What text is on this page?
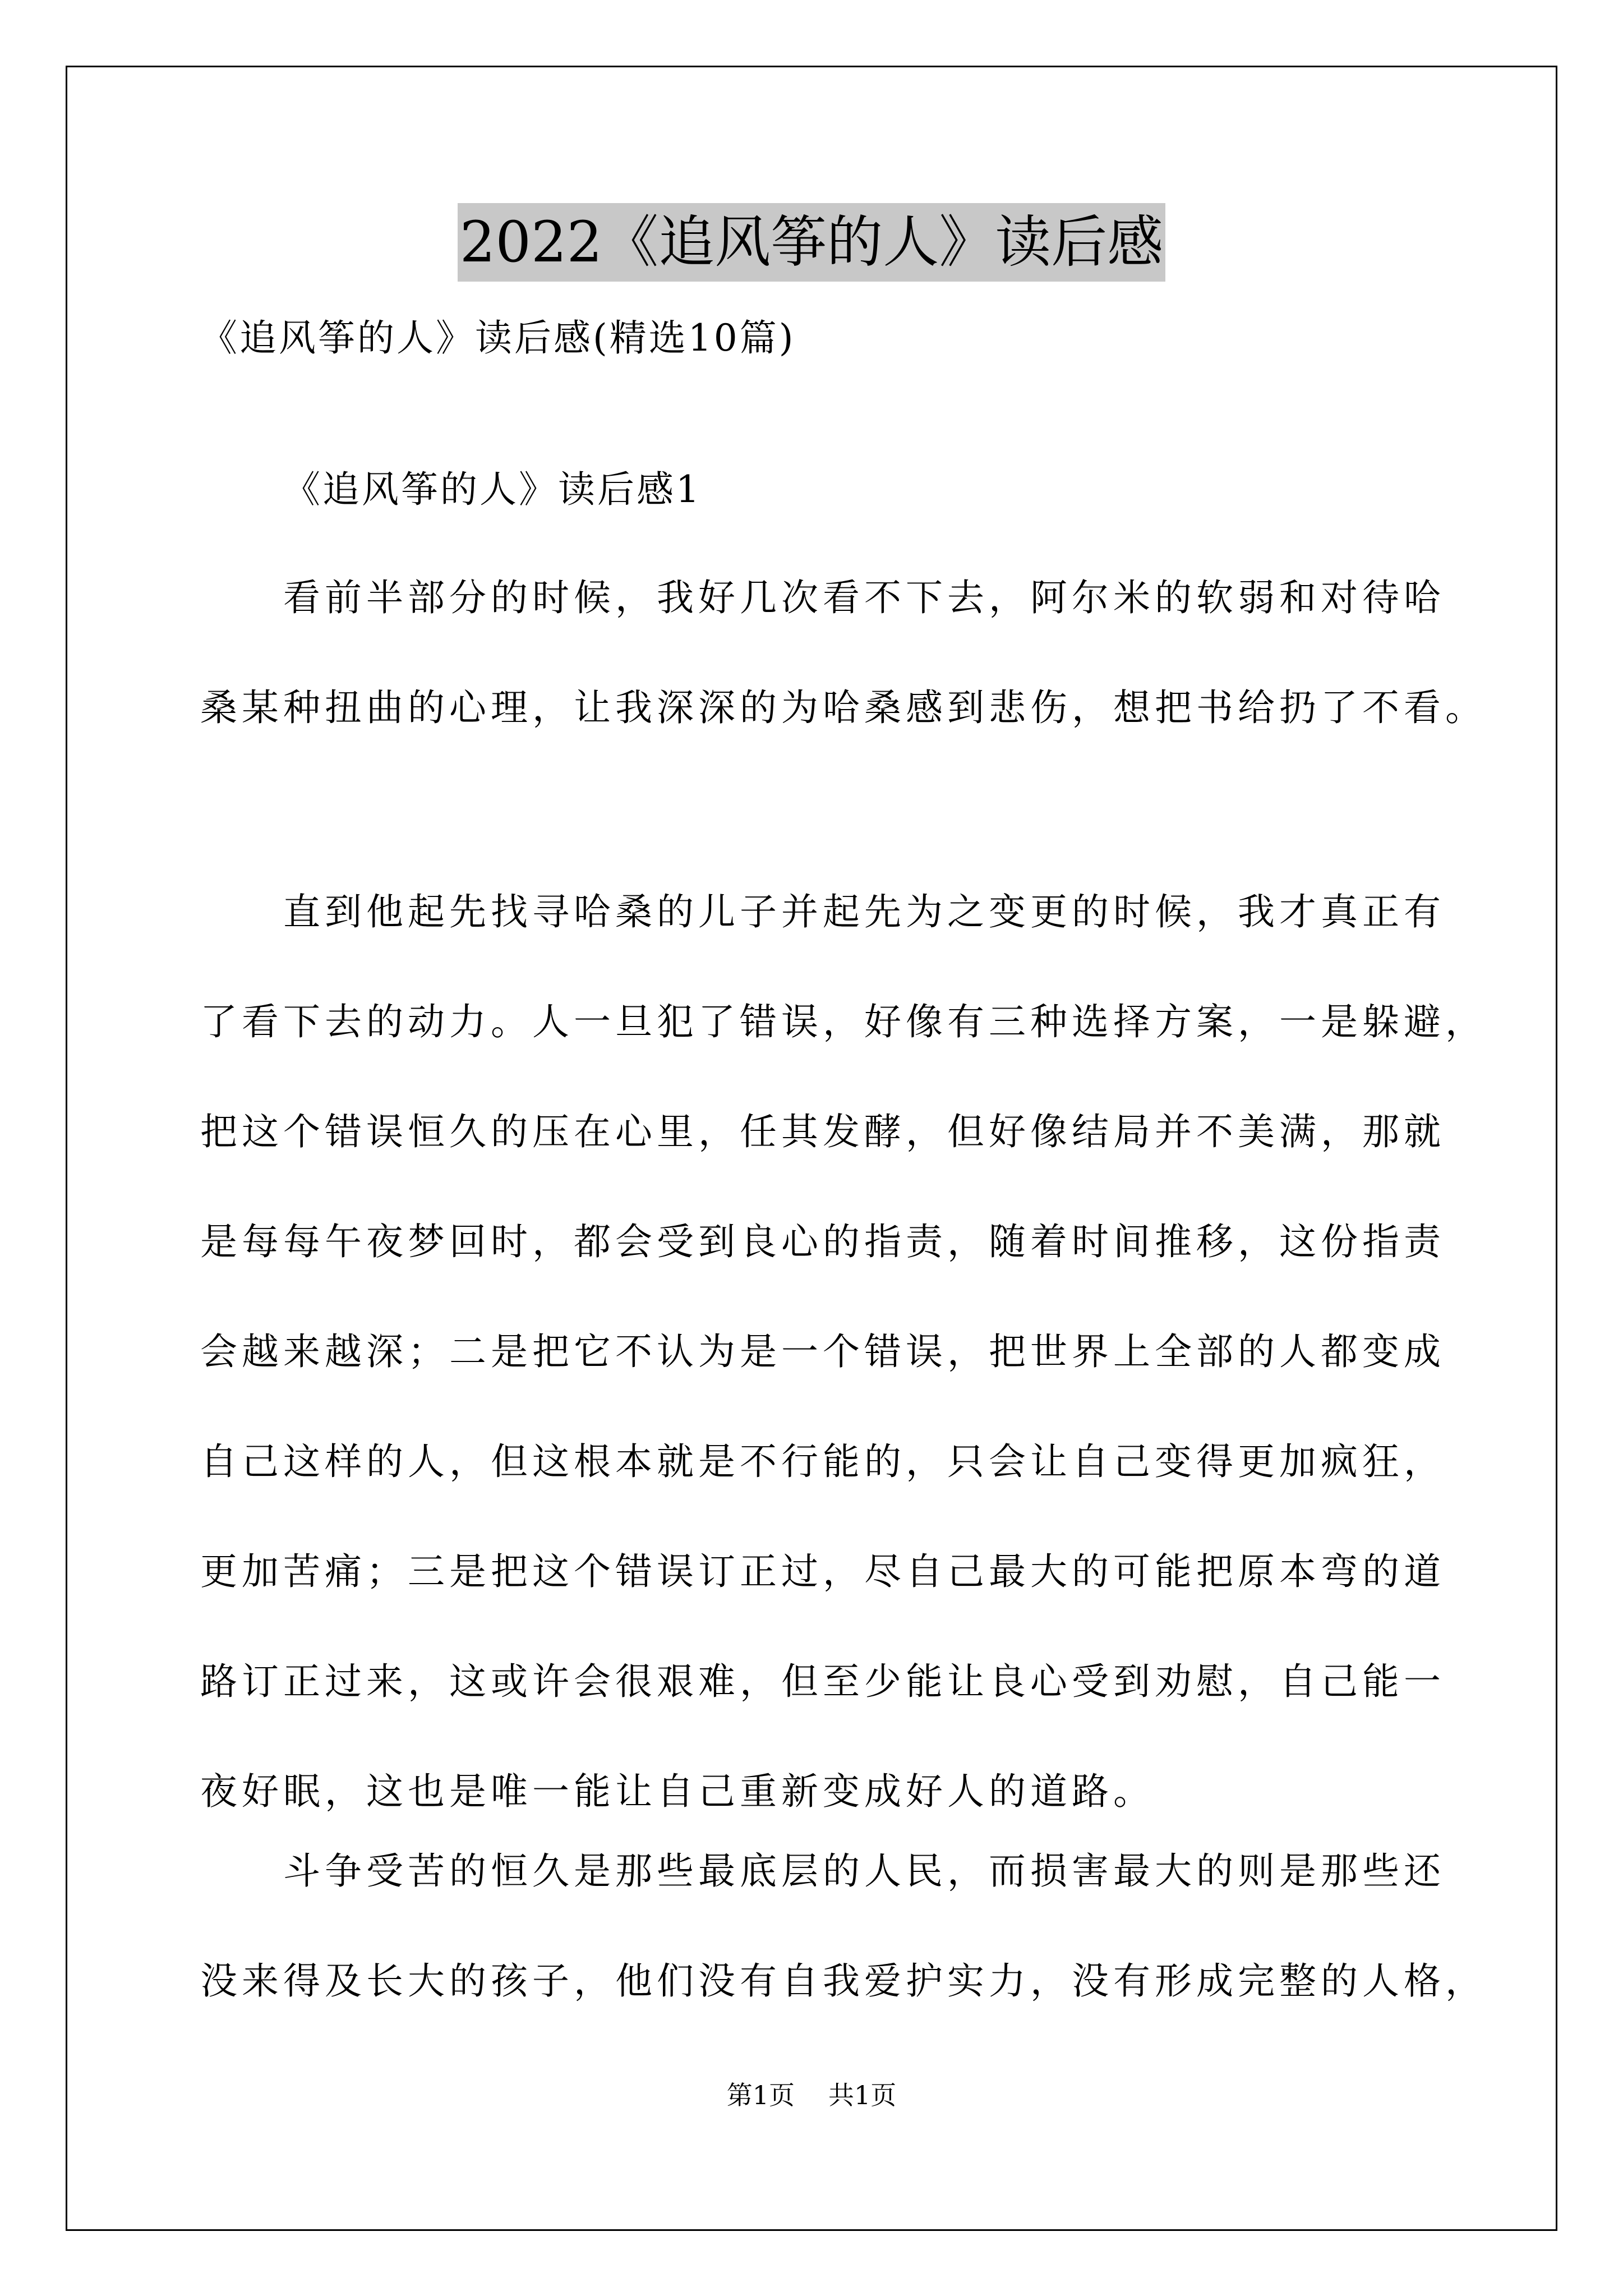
2022《追风筝的人》读后感
《追风筝的人》读后感(精选10篇)
《追风筝的人》读后感1
看前半部分的时候，我好几次看不下去，阿尔米的软弱和对待哈
桑某种扭曲的心理，让我深深的为哈桑感到悲伤，想把书给扔了不看。
直到他起先找寻哈桑的儿子并起先为之变更的时候，我才真正有
了看下去的动力。人一旦犯了错误，好像有三种选择方案，一是躲避，
把这个错误恒久的压在心里，任其发酵，但好像结局并不美满，那就
是每每午夜梦回时，都会受到良心的指责，随着时间推移，这份指责
会越来越深；二是把它不认为是一个错误，把世界上全部的人都变成
自己这样的人，但这根本就是不行能的，只会让自己变得更加疯狂，
更加苦痛；三是把这个错误订正过，尽自己最大的可能把原本弯的道
路订正过来，这或许会很艰难，但至少能让良心受到劝慰，自己能一
夜好眠，这也是唯一能让自己重新变成好人的道路。
斗争受苦的恒久是那些最底层的人民，而损害最大的则是那些还
没来得及长大的孩子，他们没有自我爱护实力，没有形成完整的人格，
第1页 共1页
